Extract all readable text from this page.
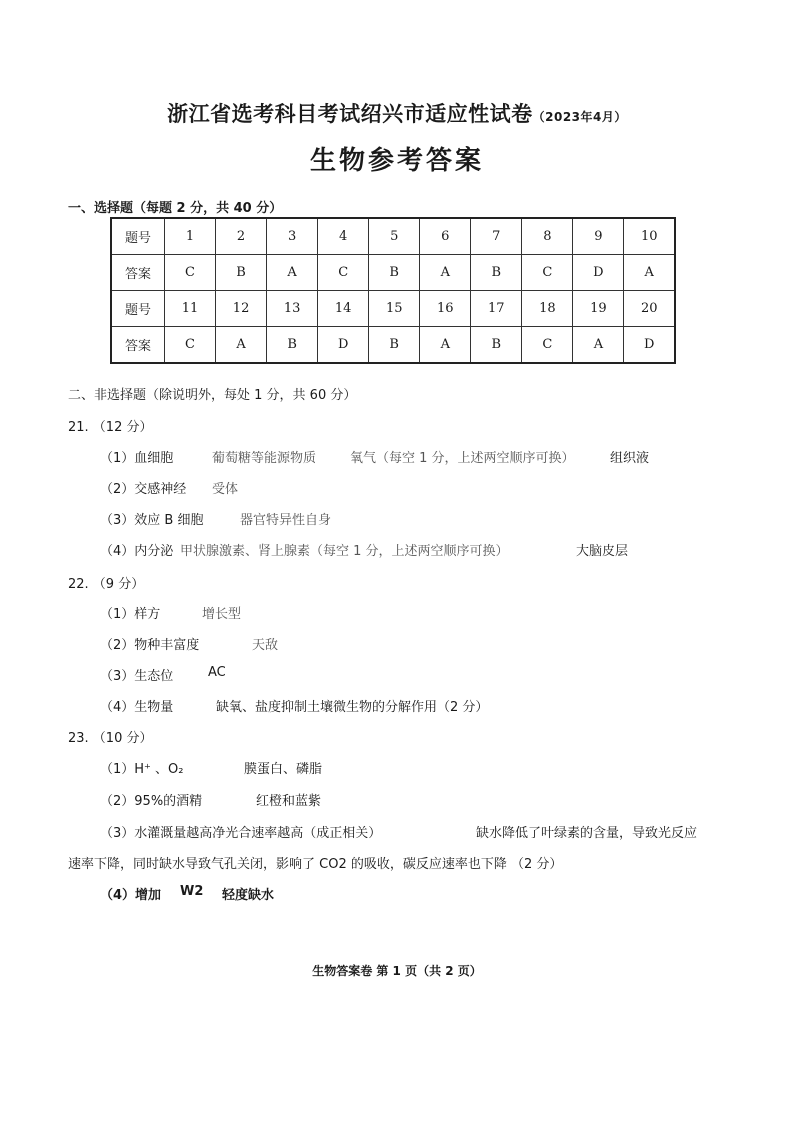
浙江省选考科目考试绍兴市适应性试卷（2023年4月）
生物参考答案
一、选择题（每题 2 分，共 40 分）
题号	1	2	3	4	5	6	7	8	9	10
答案	C	B	A	C	B	A	B	C	D	A
题号	11	12	13	14	15	16	17	18	19	20
答案	C	A	B	D	B	A	B	C	A	D
二、非选择题（除说明外，每处 1 分，共 60 分）
21. （12 分）
（1）血细胞	葡萄糖等能源物质	氧气（每空 1 分，上述两空顺序可换）	组织液
（2）交感神经 受体
（3）效应 B 细胞	器官特异性自身
（4）内分泌 甲状腺激素、肾上腺素（每空 1 分，上述两空顺序可换）	大脑皮层
22. （9 分）
（1）样方	增长型
（2）物种丰富度	天敌
（3）生态位	AC
（4）生物量	缺氧、盐度抑制土壤微生物的分解作用（2 分）
23. （10 分）
（1）H⁺ 、O₂	膜蛋白、磷脂
（2）95%的酒精	红橙和蓝紫
（3）水灌溉量越高净光合速率越高（成正相关）	缺水降低了叶绿素的含量，导致光反应
速率下降，同时缺水导致气孔关闭，影响了 CO2 的吸收，碳反应速率也下降 （2 分）
（4）增加 W2 轻度缺水
生物答案卷 第 1 页（共 2 页）
